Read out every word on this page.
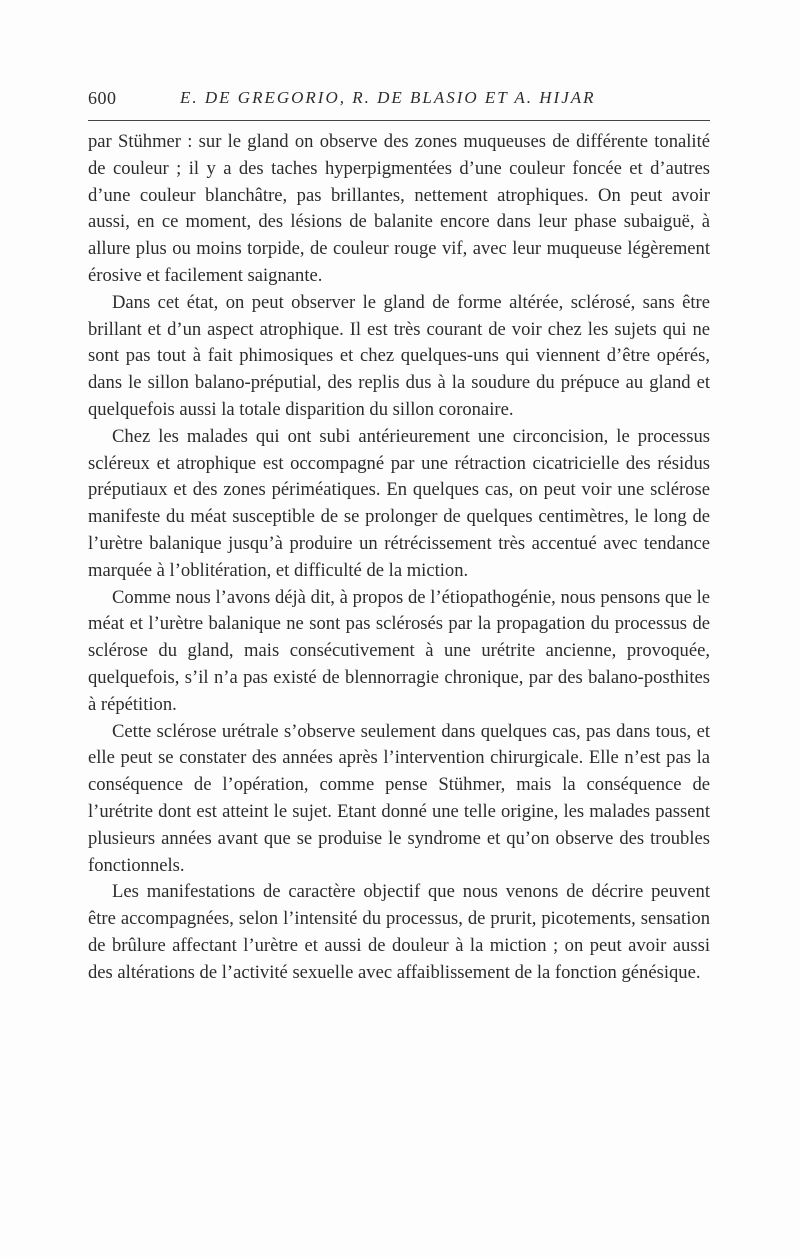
600	E. DE GREGORIO, R. DE BLASIO ET A. HIJAR

par Stühmer : sur le gland on observe des zones muqueuses de différente tonalité de couleur ; il y a des taches hyperpigmentées d’une couleur foncée et d’autres d’une couleur blanchâtre, pas brillantes, nettement atrophiques. On peut avoir aussi, en ce moment, des lésions de balanite encore dans leur phase subaiguë, à allure plus ou moins torpide, de couleur rouge vif, avec leur muqueuse légèrement érosive et facilement saignante.

Dans cet état, on peut observer le gland de forme altérée, sclérosé, sans être brillant et d’un aspect atrophique. Il est très courant de voir chez les sujets qui ne sont pas tout à fait phimosiques et chez quelques-uns qui viennent d’être opérés, dans le sillon balano-préputial, des replis dus à la soudure du prépuce au gland et quelquefois aussi la totale disparition du sillon coronaire.

Chez les malades qui ont subi antérieurement une circoncision, le processus scléreux et atrophique est occompagné par une rétraction cicatricielle des résidus préputiaux et des zones périméatiques. En quelques cas, on peut voir une sclérose manifeste du méat susceptible de se prolonger de quelques centimètres, le long de l’urètre balanique jusqu’à produire un rétrécissement très accentué avec tendance marquée à l’oblitération, et difficulté de la miction.

Comme nous l’avons déjà dit, à propos de l’étiopathogénie, nous pensons que le méat et l’urètre balanique ne sont pas sclérosés par la propagation du processus de sclérose du gland, mais consécutivement à une urétrite ancienne, provoquée, quelquefois, s’il n’a pas existé de blennorragie chronique, par des balano-posthites à répétition.

Cette sclérose urétrale s’observe seulement dans quelques cas, pas dans tous, et elle peut se constater des années après l’intervention chirurgicale. Elle n’est pas la conséquence de l’opération, comme pense Stühmer, mais la conséquence de l’urétrite dont est atteint le sujet. Etant donné une telle origine, les malades passent plusieurs années avant que se produise le syndrome et qu’on observe des troubles fonctionnels.

Les manifestations de caractère objectif que nous venons de décrire peuvent être accompagnées, selon l’intensité du processus, de prurit, picotements, sensation de brûlure affectant l’urètre et aussi de douleur à la miction ; on peut avoir aussi des altérations de l’activité sexuelle avec affaiblissement de la fonction génésique.
